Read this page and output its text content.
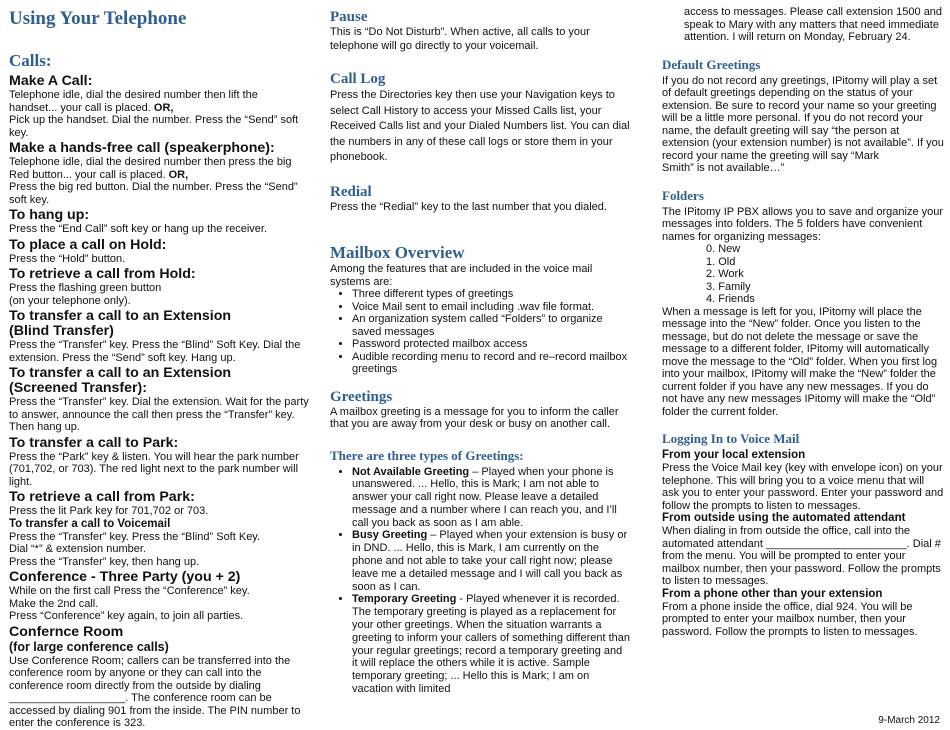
Using Your Telephone
Calls:
Make A Call:

Telephone idle, dial the desired number then lift the handset... your call is placed. OR,
Pick up the handset. Dial the number. Press the “Send” soft key.

Make a hands-free call (speakerphone):

Telephone idle, dial the desired number then press the big Red button... your call is placed. OR,
Press the big red button. Dial the number. Press the “Send” soft key.

To hang up:

Press the “End Call” soft key or hang up the receiver.

To place a call on Hold:

Press the “Hold” button.

To retrieve a call from Hold:

Press the flashing green button
(on your telephone only).

To transfer a call to an Extension
(Blind Transfer)

Press the “Transfer” key. Press the “Blind” Soft Key. Dial the extension. Press the “Send” soft key. Hang up.

To transfer a call to an Extension
(Screened Transfer):

Press the “Transfer” key. Dial the extension. Wait for the party to answer, announce the call then press the “Transfer” key. Then hang up.

To transfer a call to Park:

Press the “Park” key & listen. You will hear the park number (701,702, or 703). The red light next to the park number will light.

To retrieve a call from Park:

Press the lit Park key for 701,702 or 703.

To transfer a call to Voicemail

Press the “Transfer” key. Press the “Blind” Soft Key.
Dial “*” & extension number.
Press the “Transfer” key, then hang up.

Conference - Three Party (you + 2)

While on the first call Press the “Conference” key.
Make the 2nd call.
Press “Conference” key again, to join all parties.

Confernce Room
(for large conference calls)

Use Conference Room; callers can be transferred into the conference room by anyone or they can call into the conference room directly from the outside by dialing ___________________. The conference room can be accessed by dialing 901 from the inside. The PIN number to enter the conference is 323.

Pause

This is “Do Not Disturb”. When active, all calls to your telephone will go directly to your voicemail.

Call Log

Press the Directories key then use your Navigation keys to select Call History to access your Missed Calls list, your Received Calls list and your Dialed Numbers list. You can dial the numbers in any of these call logs or store them in your phonebook.

Redial

Press the “Redial” key to the last number that you dialed.

Mailbox Overview

Among the features that are included in the voice mail systems are:

• Three different types of greetings
• Voice Mail sent to email including .wav file format.
• An organization system called “Folders” to organize saved messages
• Password protected mailbox access
• Audible recording menu to record and re–record mailbox greetings
Greetings

A mailbox greeting is a message for you to inform the caller that you are away from your desk or busy on another call.

There are three types of Greetings:
• Not Available Greeting – Played when your phone is unanswered. ... Hello, this is Mark; I am not able to answer your call right now. Please leave a detailed message and a number where I can reach you, and I’ll call you back as soon as I am able.
• Busy Greeting – Played when your extension is busy or in DND. ... Hello, this is Mark, I am currently on the phone and not able to take your call right now; please leave me a detailed message and I will call you back as soon as I can.
• Temporary Greeting - Played whenever it is recorded. The temporary greeting is played as a replacement for your other greetings. When the situation warrants a greeting to inform your callers of something different than your regular greetings; record a temporary greeting and it will replace the others while it is active. Sample temporary greeting; ... Hello this is Mark; I am on vacation with limited

access to messages. Please call extension 1500 and speak to Mary with any matters that need immediate attention. I will return on Monday, February 24.

Default Greetings

If you do not record any greetings, IPitomy will play a set of default greetings depending on the status of your extension. Be sure to record your name so your greeting will be a little more personal. If you do not record your name, the default greeting will say “the person at extension (your extension number) is not available”. If you record your name the greeting will say “Mark
Smith” is not available…”

Folders

The IPitomy IP PBX allows you to save and organize your messages into folders. The 5 folders have convenient names for organizing messages:

0. New
1. Old
2. Work
3. Family
4. Friends

When a message is left for you, IPitomy will place the message into the “New” folder. Once you listen to the message, but do not delete the message or save the message to a different folder, IPitomy will automatically move the message to the “Old” folder. When you first log into your mailbox, IPitomy will make the “New” folder the current folder if you have any new messages. If you do not have any new messages IPitomy will make the “Old” folder the current folder.

Logging In to Voice Mail
From your local extension

Press the Voice Mail key (key with envelope icon) on your telephone. This will bring you to a voice menu that will ask you to enter your password. Enter your password and follow the prompts to listen to messages.

From outside using the automated attendant

When dialing in from outside the office, call into the automated attendant _______________________. Dial # from the menu. You will be prompted to enter your mailbox number, then your password. Follow the prompts to listen to messages.

From a phone other than your extension

From a phone inside the office, dial 924. You will be prompted to enter your mailbox number, then your password. Follow the prompts to listen to messages.

9-March 2012
